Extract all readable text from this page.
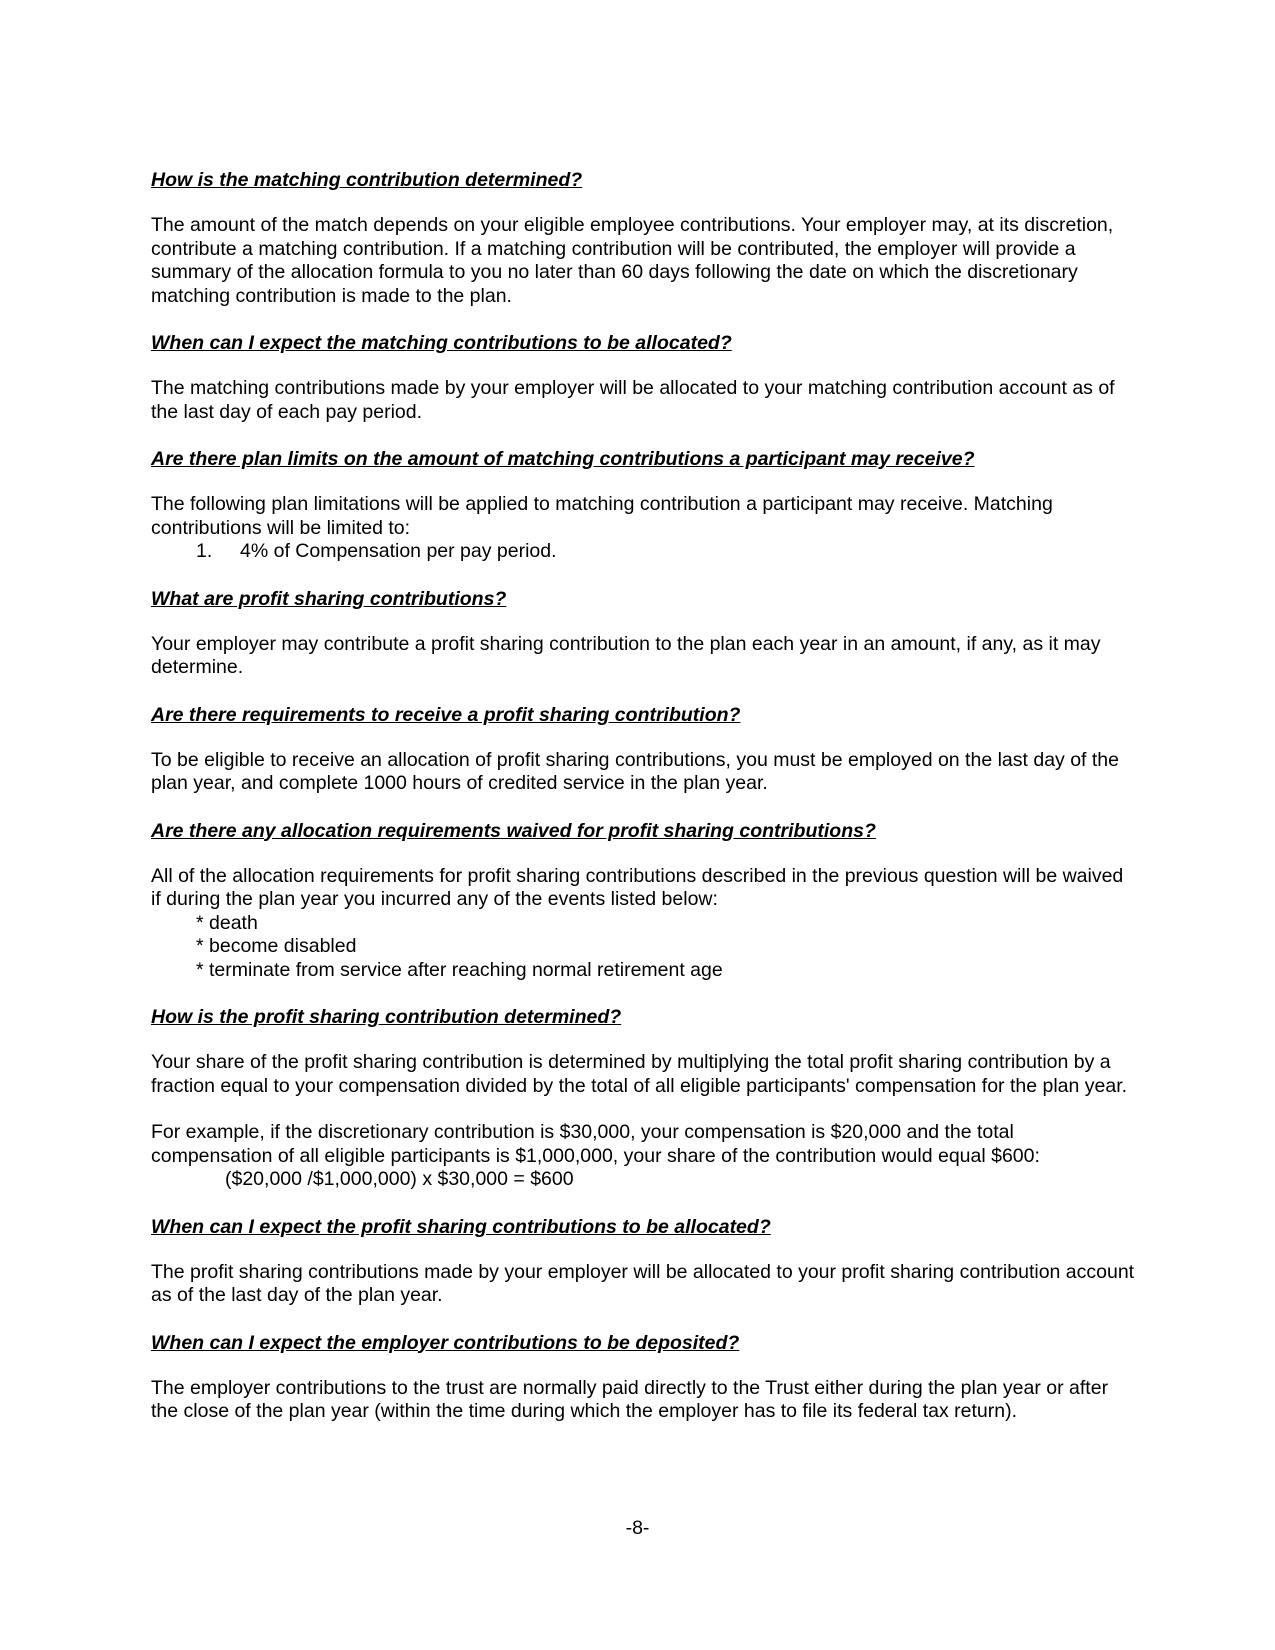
How is the matching contribution determined?
The amount of the match depends on your eligible employee contributions. Your employer may, at its discretion, contribute a matching contribution. If a matching contribution will be contributed, the employer will provide a summary of the allocation formula to you no later than 60 days following the date on which the discretionary matching contribution is made to the plan.
When can I expect the matching contributions to be allocated?
The matching contributions made by your employer will be allocated to your matching contribution account as of the last day of each pay period.
Are there plan limits on the amount of matching contributions a participant may receive?
The following plan limitations will be applied to matching contribution a participant may receive. Matching contributions will be limited to:
1. 4% of Compensation per pay period.
What are profit sharing contributions?
Your employer may contribute a profit sharing contribution to the plan each year in an amount, if any, as it may determine.
Are there requirements to receive a profit sharing contribution?
To be eligible to receive an allocation of profit sharing contributions, you must be employed on the last day of the plan year, and complete 1000 hours of credited service in the plan year.
Are there any allocation requirements waived for profit sharing contributions?
All of the allocation requirements for profit sharing contributions described in the previous question will be waived if during the plan year you incurred any of the events listed below:
* death
* become disabled
* terminate from service after reaching normal retirement age
How is the profit sharing contribution determined?
Your share of the profit sharing contribution is determined by multiplying the total profit sharing contribution by a fraction equal to your compensation divided by the total of all eligible participants' compensation for the plan year.
For example, if the discretionary contribution is $30,000, your compensation is $20,000 and the total compensation of all eligible participants is $1,000,000, your share of the contribution would equal $600:
($20,000 /$1,000,000) x $30,000 = $600
When can I expect the profit sharing contributions to be allocated?
The profit sharing contributions made by your employer will be allocated to your profit sharing contribution account as of the last day of the plan year.
When can I expect the employer contributions to be deposited?
The employer contributions to the trust are normally paid directly to the Trust either during the plan year or after the close of the plan year (within the time during which the employer has to file its federal tax return).
-8-
